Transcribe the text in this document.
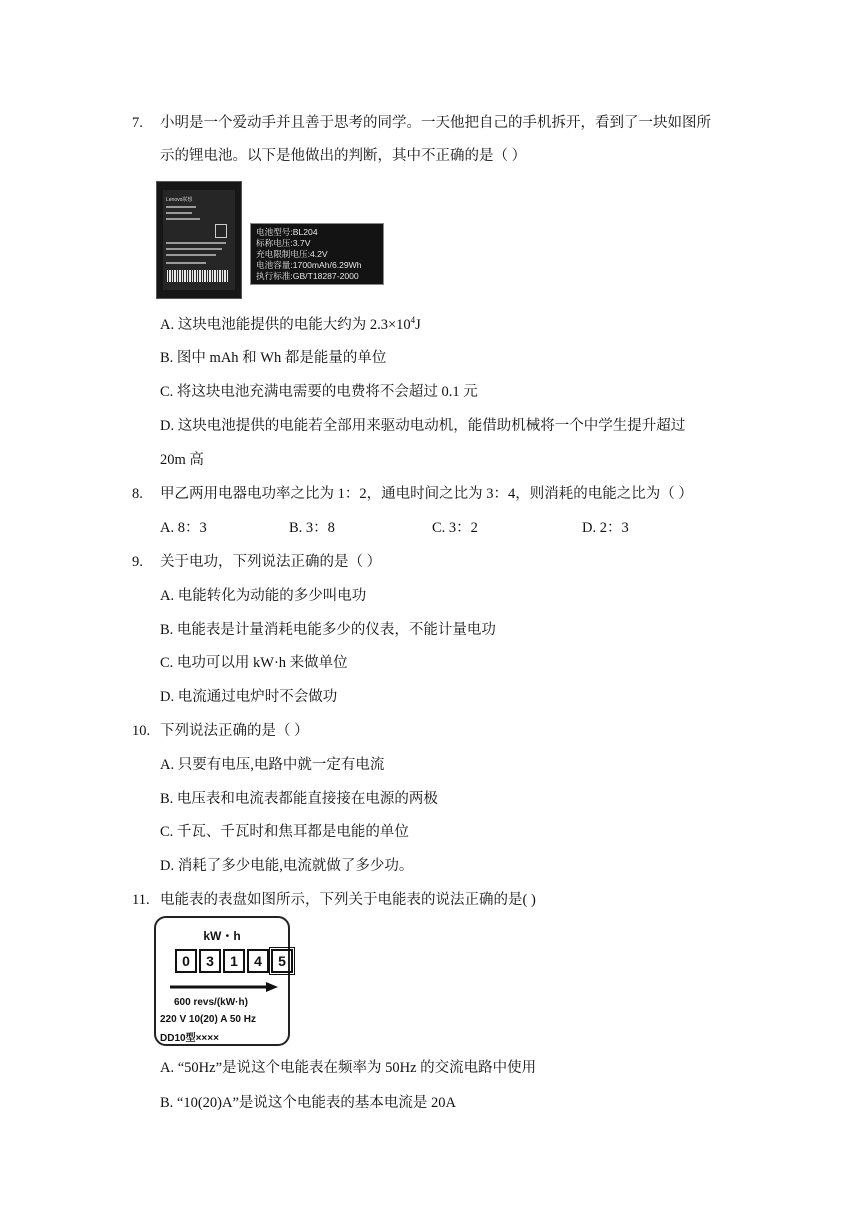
7. 小明是一个爱动手并且善于思考的同学。一天他把自己的手机拆开，看到了一块如图所
示的锂电池。以下是他做出的判断，其中不正确的是（ ）
Lenovo联想
电池型号:BL204
标称电压:3.7V
充电限制电压:4.2V
电池容量:1700mAh/6.29Wh
执行标准:GB/T18287-2000
A. 这块电池能提供的电能大约为 $2.3\times 10^4J$
B. 图中 mAh 和 Wh 都是能量的单位
C. 将这块电池充满电需要的电费将不会超过 0.1 元
D. 这块电池提供的电能若全部用来驱动电动机，能借助机械将一个中学生提升超过
20m 高
8. 甲乙两用电器电功率之比为 1：2，通电时间之比为 3：4，则消耗的电能之比为（ ）
A. 8：3	B. 3：8	C. 3：2	D. 2：3
9. 关于电功，下列说法正确的是（ ）
A. 电能转化为动能的多少叫电功
B. 电能表是计量消耗电能多少的仪表，不能计量电功
C. 电功可以用 kW·h 来做单位
D. 电流通过电炉时不会做功
10. 下列说法正确的是（ ）
A. 只要有电压,电路中就一定有电流
B. 电压表和电流表都能直接接在电源的两极
C. 千瓦、千瓦时和焦耳都是电能的单位
D. 消耗了多少电能,电流就做了多少功。
11. 电能表的表盘如图所示，下列关于电能表的说法正确的是( )
kW・h
0	3	1	4	5
600 revs/(kW·h)
220 V 10(20) A 50 Hz
DD10型××××
A. “50Hz”是说这个电能表在频率为 50Hz 的交流电路中使用
B. “10(20)A”是说这个电能表的基本电流是 20A
